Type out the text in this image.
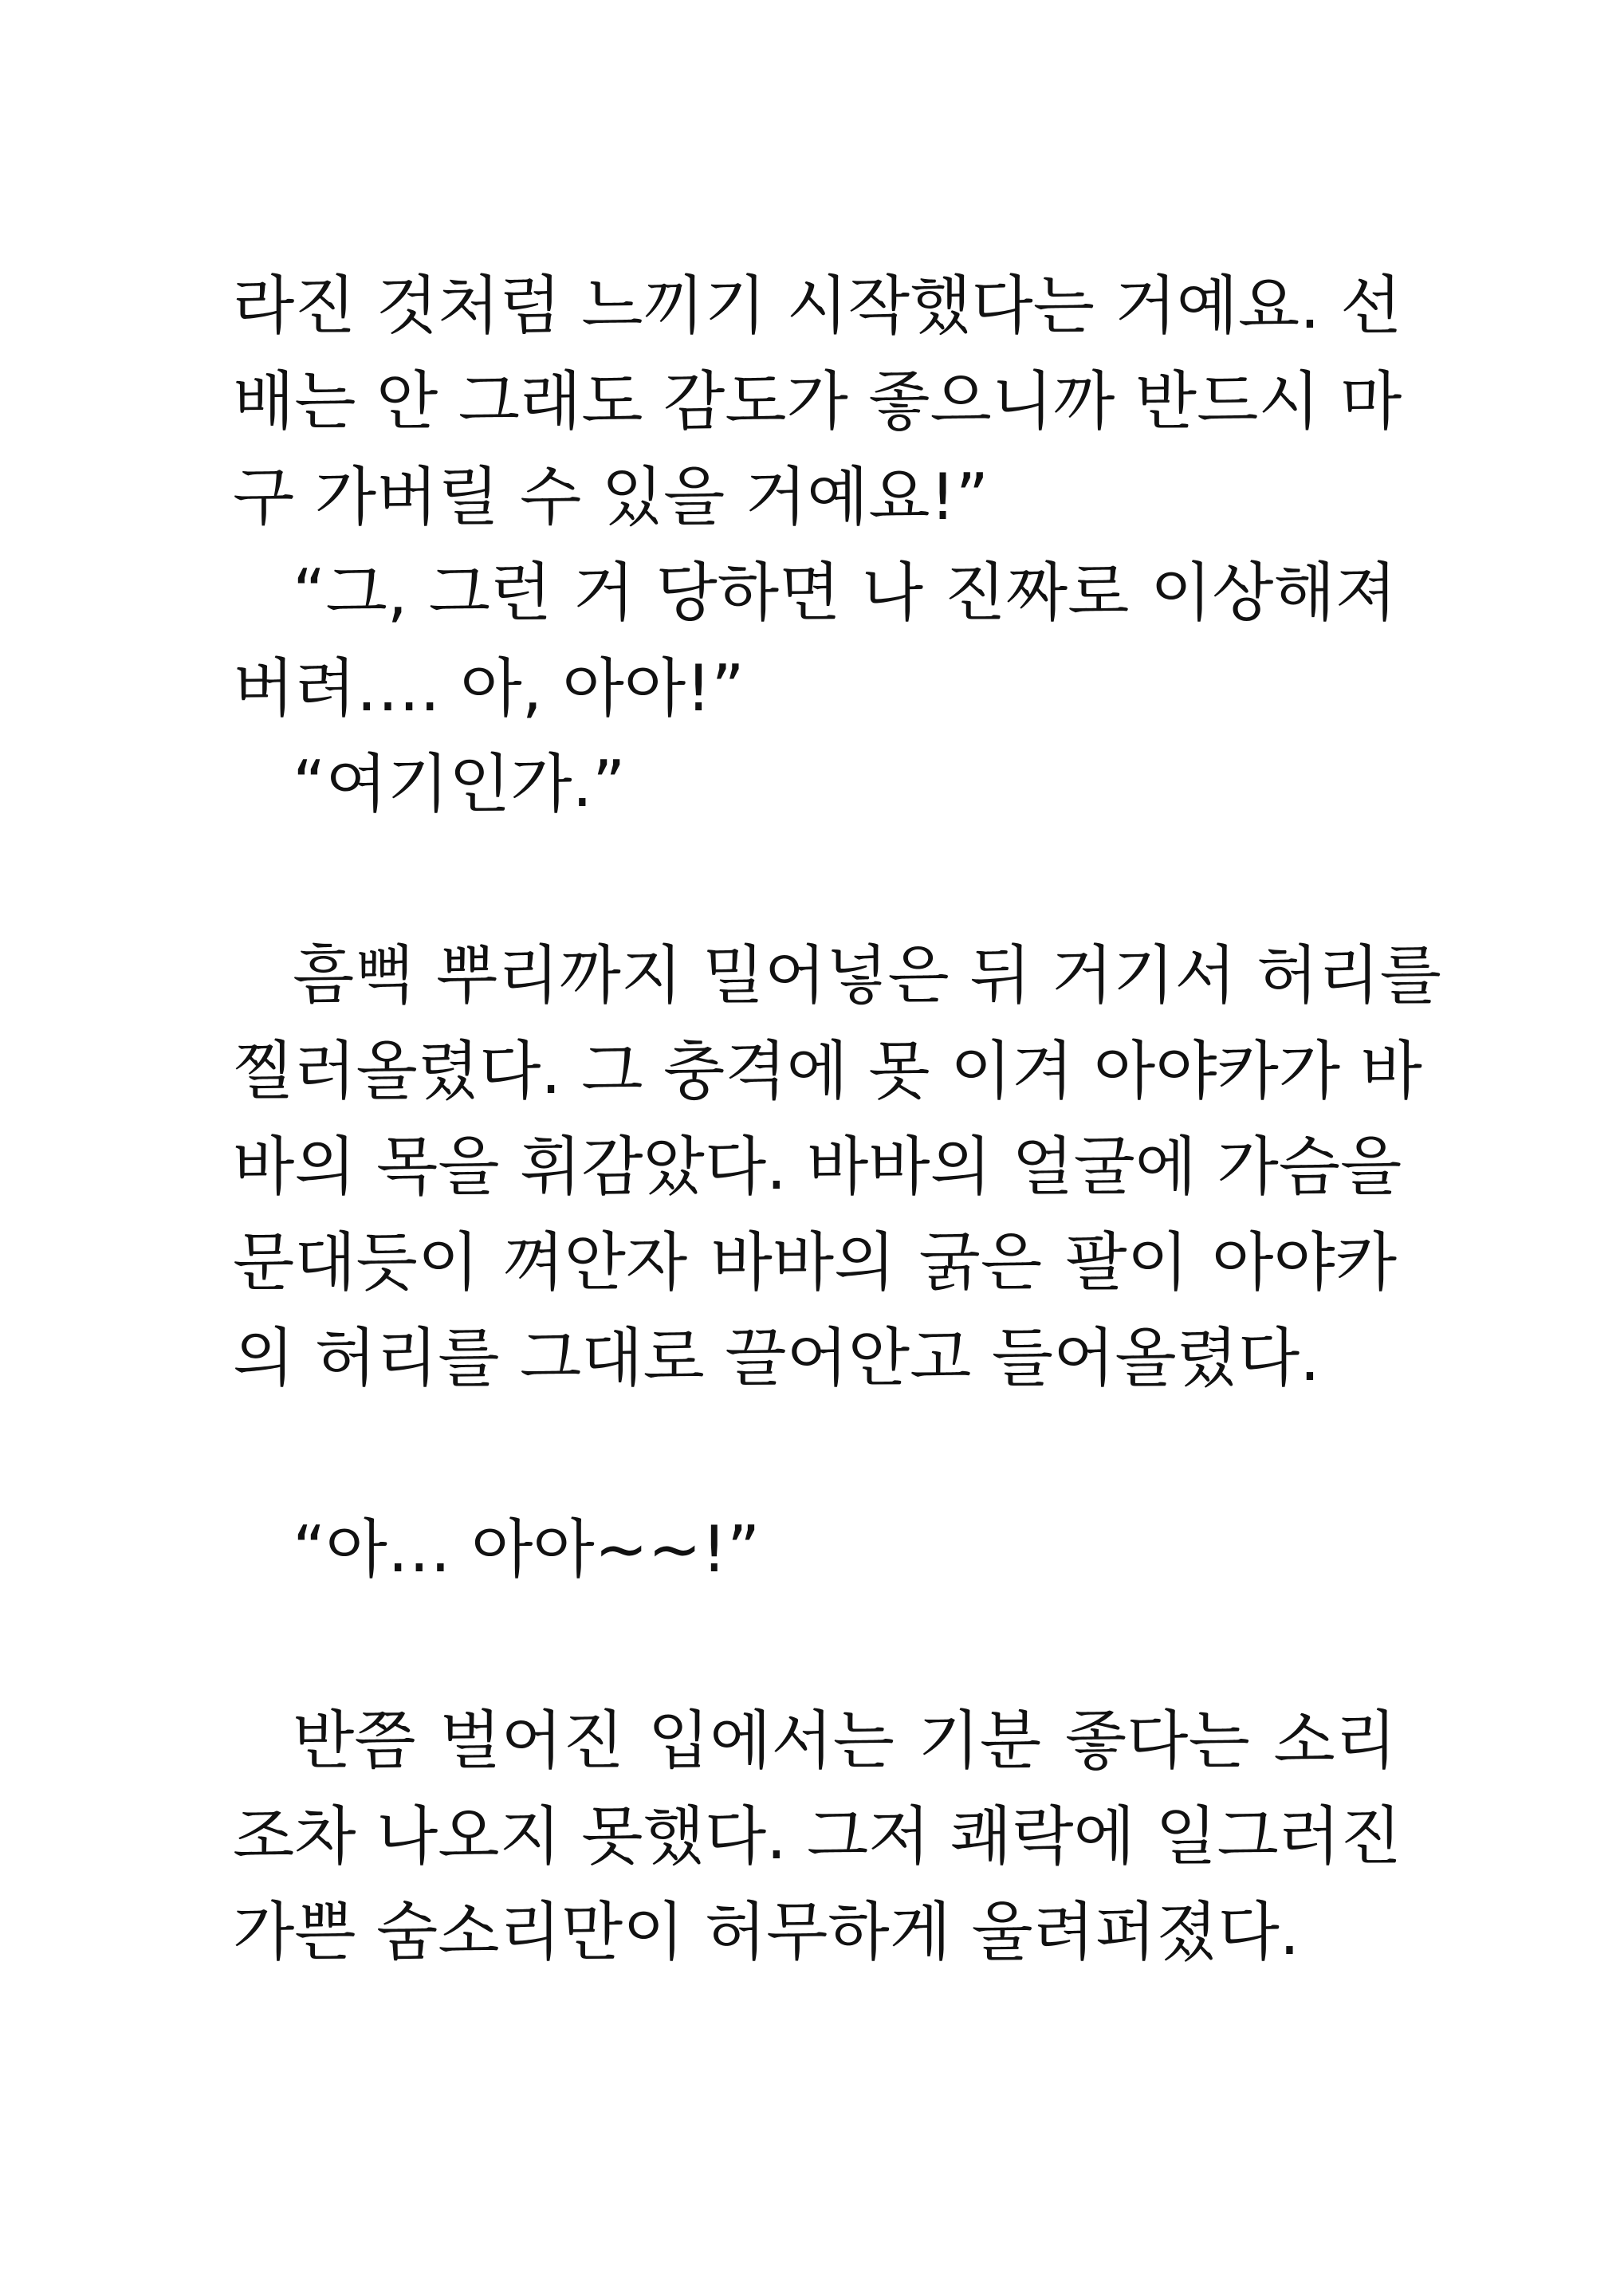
라진 것처럼 느끼기 시작했다는 거예요. 선
배는 안 그래도 감도가 좋으니까 반드시 마
구 가버릴 수 있을 거예요!”
“그, 그런 거 당하면 나 진짜로 이상해져
버려…. 아, 아아!”
“여기인가.”
흠뻑 뿌리까지 밀어넣은 뒤 거기서 허리를
찔러올렸다. 그 충격에 못 이겨 아야카가 바
바의 목을 휘감았다. 바바의 얼굴에 가슴을
문대듯이 껴안자 바바의 굵은 팔이 아야카
의 허리를 그대로 끌어안고 들어올렸다.
“아… 아아~~!”
반쯤 벌어진 입에서는 기분 좋다는 소리
조차 나오지 못했다. 그저 쾌락에 일그러진
가쁜 숨소리만이 허무하게 울려퍼졌다.
